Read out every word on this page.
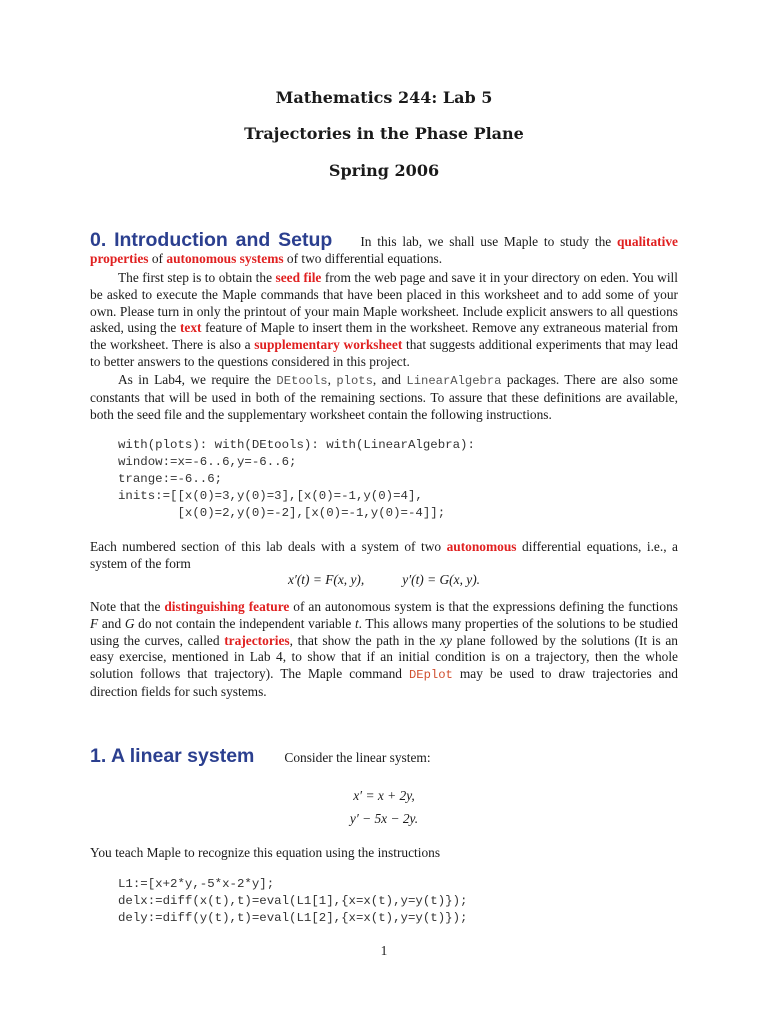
Mathematics 244: Lab 5
Trajectories in the Phase Plane
Spring 2006
0. Introduction and Setup In this lab, we shall use Maple to study the qualitative properties of autonomous systems of two differential equations.
The first step is to obtain the seed file from the web page and save it in your directory on eden. You will be asked to execute the Maple commands that have been placed in this worksheet and to add some of your own. Please turn in only the printout of your main Maple worksheet. Include explicit answers to all questions asked, using the text feature of Maple to insert them in the worksheet. Remove any extraneous material from the worksheet. There is also a supplementary worksheet that suggests additional experiments that may lead to better answers to the questions considered in this project.
As in Lab4, we require the DEtools, plots, and LinearAlgebra packages. There are also some constants that will be used in both of the remaining sections. To assure that these definitions are available, both the seed file and the supplementary worksheet contain the following instructions.
with(plots): with(DEtools): with(LinearAlgebra):
window:=x=-6..6,y=-6..6;
trange:=-6..6;
inits:=[[x(0)=3,y(0)=3],[x(0)=-1,y(0)=4],
[x(0)=2,y(0)=-2],[x(0)=-1,y(0)=-4]];
Each numbered section of this lab deals with a system of two autonomous differential equations, i.e., a system of the form
x′(t) = F(x, y),	y′(t) = G(x, y).
Note that the distinguishing feature of an autonomous system is that the expressions defining the functions F and G do not contain the independent variable t. This allows many properties of the solutions to be studied using the curves, called trajectories, that show the path in the xy plane followed by the solutions (It is an easy exercise, mentioned in Lab 4, to show that if an initial condition is on a trajectory, then the whole solution follows that trajectory). The Maple command DEplot may be used to draw trajectories and direction fields for such systems.
1. A linear system Consider the linear system:
x′ = x + 2y,
y′ − 5x − 2y.
You teach Maple to recognize this equation using the instructions
L1:=[x+2*y,-5*x-2*y];
delx:=diff(x(t),t)=eval(L1[1],{x=x(t),y=y(t)});
dely:=diff(y(t),t)=eval(L1[2],{x=x(t),y=y(t)});
1
